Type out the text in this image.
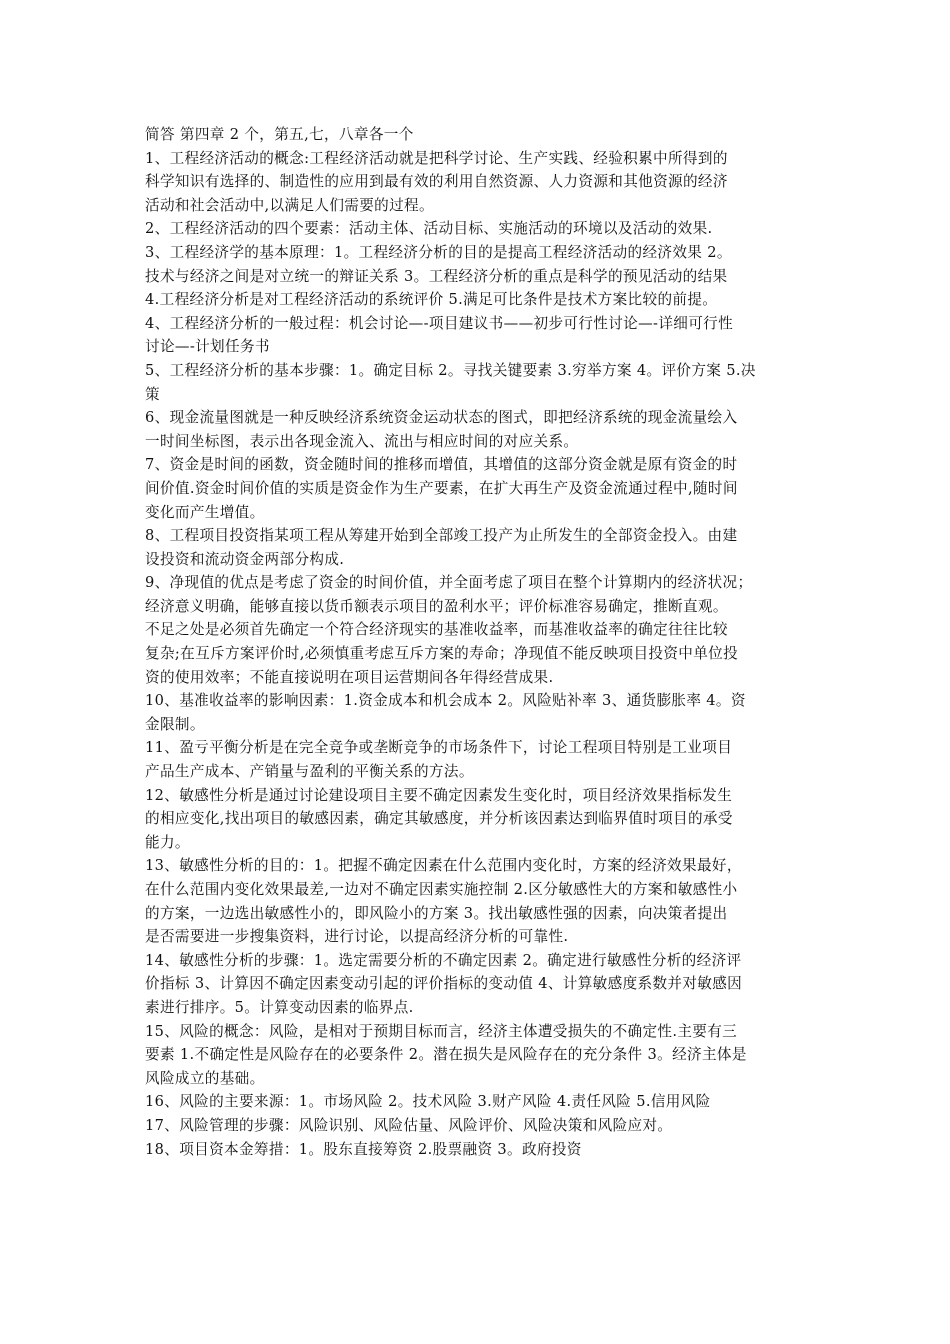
简答 第四章 2 个，第五,七，八章各一个
1、工程经济活动的概念:工程经济活动就是把科学讨论、生产实践、经验积累中所得到的
科学知识有选择的、制造性的应用到最有效的利用自然资源、人力资源和其他资源的经济
活动和社会活动中,以满足人们需要的过程。
2、工程经济活动的四个要素：活动主体、活动目标、实施活动的环境以及活动的效果.
3、工程经济学的基本原理：1。工程经济分析的目的是提高工程经济活动的经济效果 2。
技术与经济之间是对立统一的辩证关系 3。工程经济分析的重点是科学的预见活动的结果
4.工程经济分析是对工程经济活动的系统评价 5.满足可比条件是技术方案比较的前提。
4、工程经济分析的一般过程：机会讨论—-项目建议书——初步可行性讨论—-详细可行性
讨论—-计划任务书
5、工程经济分析的基本步骤：1。确定目标 2。寻找关键要素 3.穷举方案 4。评价方案 5.决
策
6、现金流量图就是一种反映经济系统资金运动状态的图式，即把经济系统的现金流量绘入
一时间坐标图，表示出各现金流入、流出与相应时间的对应关系。
7、资金是时间的函数，资金随时间的推移而增值，其增值的这部分资金就是原有资金的时
间价值.资金时间价值的实质是资金作为生产要素，在扩大再生产及资金流通过程中,随时间
变化而产生增值。
8、工程项目投资指某项工程从筹建开始到全部竣工投产为止所发生的全部资金投入。由建
设投资和流动资金两部分构成.
9、净现值的优点是考虑了资金的时间价值，并全面考虑了项目在整个计算期内的经济状况；
经济意义明确，能够直接以货币额表示项目的盈利水平；评价标准容易确定，推断直观。
不足之处是必须首先确定一个符合经济现实的基准收益率，而基准收益率的确定往往比较
复杂;在互斥方案评价时,必须慎重考虑互斥方案的寿命；净现值不能反映项目投资中单位投
资的使用效率；不能直接说明在项目运营期间各年得经营成果.
10、基准收益率的影响因素：1.资金成本和机会成本 2。风险贴补率 3、通货膨胀率 4。资
金限制。
11、盈亏平衡分析是在完全竞争或垄断竞争的市场条件下，讨论工程项目特别是工业项目
产品生产成本、产销量与盈利的平衡关系的方法。
12、敏感性分析是通过讨论建设项目主要不确定因素发生变化时，项目经济效果指标发生
的相应变化,找出项目的敏感因素，确定其敏感度，并分析该因素达到临界值时项目的承受
能力。
13、敏感性分析的目的：1。把握不确定因素在什么范围内变化时，方案的经济效果最好，
在什么范围内变化效果最差,一边对不确定因素实施控制 2.区分敏感性大的方案和敏感性小
的方案，一边选出敏感性小的，即风险小的方案 3。找出敏感性强的因素，向决策者提出
是否需要进一步搜集资料，进行讨论，以提高经济分析的可靠性.
14、敏感性分析的步骤：1。选定需要分析的不确定因素 2。确定进行敏感性分析的经济评
价指标 3、计算因不确定因素变动引起的评价指标的变动值 4、计算敏感度系数并对敏感因
素进行排序。5。计算变动因素的临界点.
15、风险的概念：风险，是相对于预期目标而言，经济主体遭受损失的不确定性.主要有三
要素 1.不确定性是风险存在的必要条件 2。潜在损失是风险存在的充分条件 3。经济主体是
风险成立的基础。
16、风险的主要来源：1。市场风险 2。技术风险 3.财产风险 4.责任风险 5.信用风险
17、风险管理的步骤：风险识别、风险估量、风险评价、风险决策和风险应对。
18、项目资本金筹措：1。股东直接筹资 2.股票融资 3。政府投资
